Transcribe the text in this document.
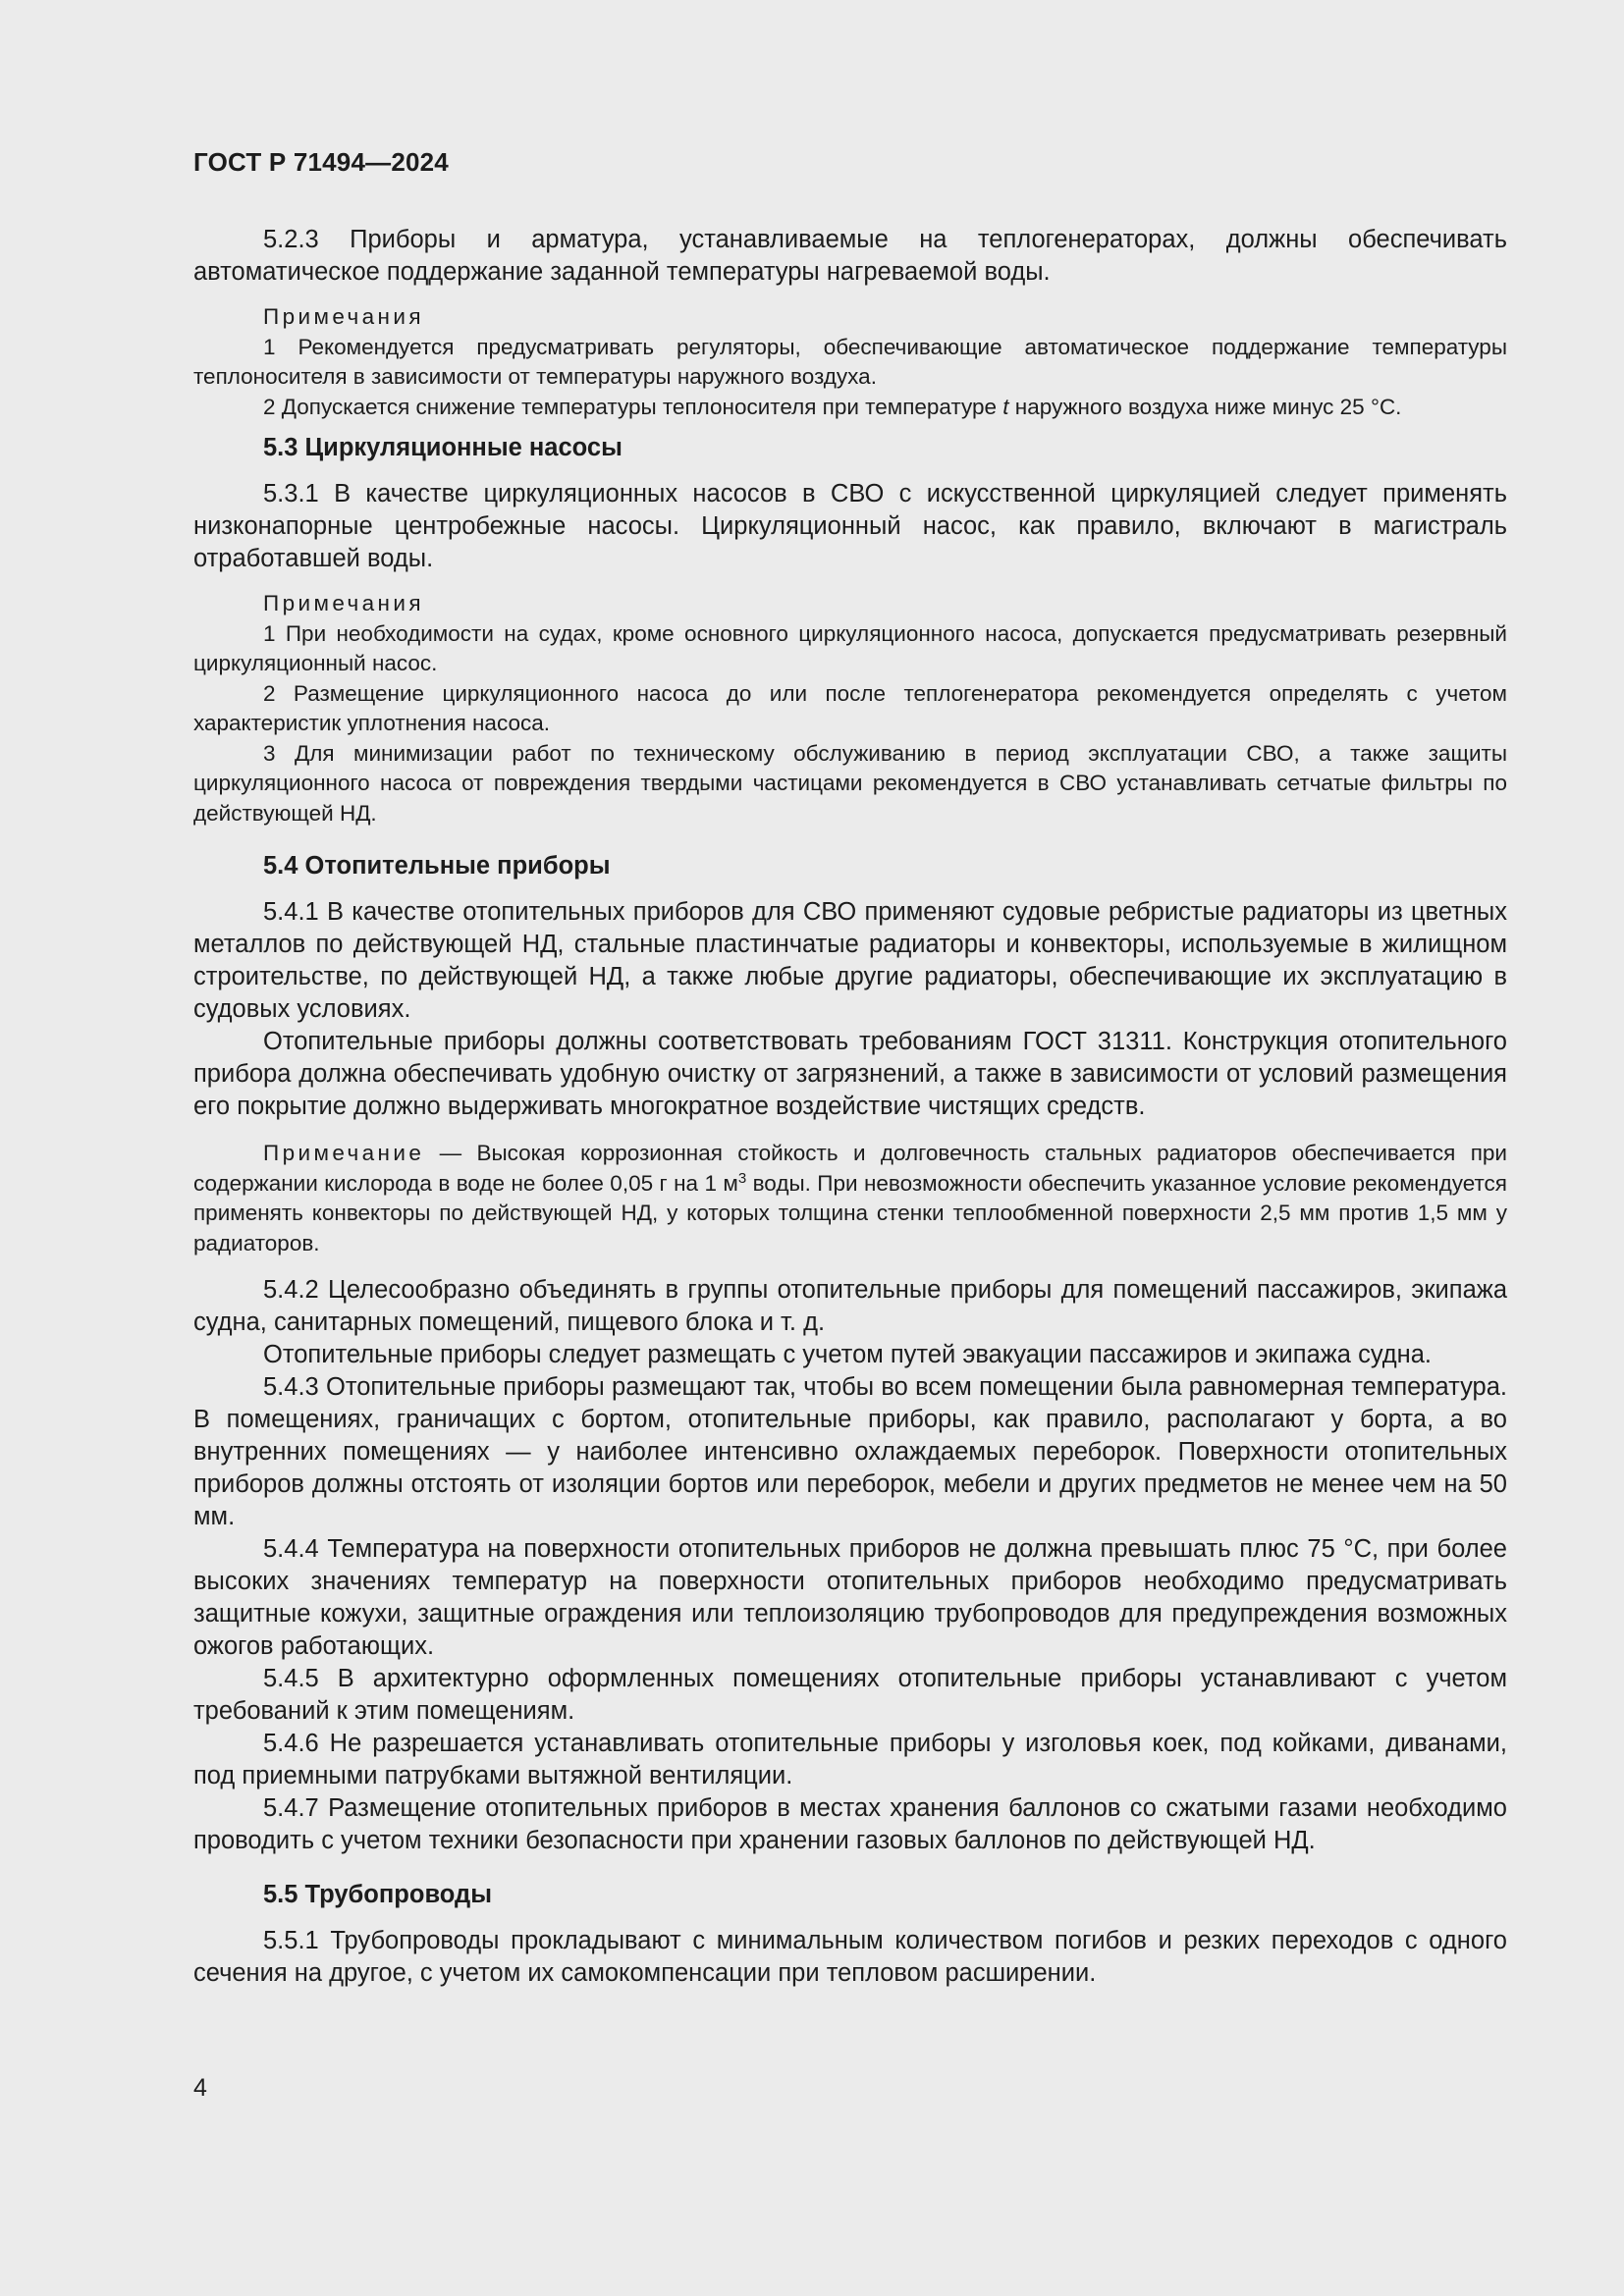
ГОСТ Р 71494—2024

5.2.3 Приборы и арматура, устанавливаемые на теплогенераторах, должны обеспечивать автоматическое поддержание заданной температуры нагреваемой воды.

Примечания

1 Рекомендуется предусматривать регуляторы, обеспечивающие автоматическое поддержание температуры теплоносителя в зависимости от температуры наружного воздуха.

2 Допускается снижение температуры теплоносителя при температуре t наружного воздуха ниже минус 25 °С.

5.3 Циркуляционные насосы

5.3.1 В качестве циркуляционных насосов в СВО с искусственной циркуляцией следует применять низконапорные центробежные насосы. Циркуляционный насос, как правило, включают в магистраль отработавшей воды.

Примечания

1 При необходимости на судах, кроме основного циркуляционного насоса, допускается предусматривать резервный циркуляционный насос.

2 Размещение циркуляционного насоса до или после теплогенератора рекомендуется определять с учетом характеристик уплотнения насоса.

3 Для минимизации работ по техническому обслуживанию в период эксплуатации СВО, а также защиты циркуляционного насоса от повреждения твердыми частицами рекомендуется в СВО устанавливать сетчатые фильтры по действующей НД.

5.4 Отопительные приборы

5.4.1 В качестве отопительных приборов для СВО применяют судовые ребристые радиаторы из цветных металлов по действующей НД, стальные пластинчатые радиаторы и конвекторы, используемые в жилищном строительстве, по действующей НД, а также любые другие радиаторы, обеспечивающие их эксплуатацию в судовых условиях.

Отопительные приборы должны соответствовать требованиям ГОСТ 31311. Конструкция отопительного прибора должна обеспечивать удобную очистку от загрязнений, а также в зависимости от условий размещения его покрытие должно выдерживать многократное воздействие чистящих средств.

Примечание — Высокая коррозионная стойкость и долговечность стальных радиаторов обеспечивается при содержании кислорода в воде не более 0,05 г на 1 $м^3$ воды. При невозможности обеспечить указанное условие рекомендуется применять конвекторы по действующей НД, у которых толщина стенки теплообменной поверхности 2,5 мм против 1,5 мм у радиаторов.

5.4.2 Целесообразно объединять в группы отопительные приборы для помещений пассажиров, экипажа судна, санитарных помещений, пищевого блока и т. д.

Отопительные приборы следует размещать с учетом путей эвакуации пассажиров и экипажа судна.

5.4.3 Отопительные приборы размещают так, чтобы во всем помещении была равномерная температура. В помещениях, граничащих с бортом, отопительные приборы, как правило, располагают у борта, а во внутренних помещениях — у наиболее интенсивно охлаждаемых переборок. Поверхности отопительных приборов должны отстоять от изоляции бортов или переборок, мебели и других предметов не менее чем на 50 мм.

5.4.4 Температура на поверхности отопительных приборов не должна превышать плюс 75 °С, при более высоких значениях температур на поверхности отопительных приборов необходимо предусматривать защитные кожухи, защитные ограждения или теплоизоляцию трубопроводов для предупреждения возможных ожогов работающих.

5.4.5 В архитектурно оформленных помещениях отопительные приборы устанавливают с учетом требований к этим помещениям.

5.4.6 Не разрешается устанавливать отопительные приборы у изголовья коек, под койками, диванами, под приемными патрубками вытяжной вентиляции.

5.4.7 Размещение отопительных приборов в местах хранения баллонов со сжатыми газами необходимо проводить с учетом техники безопасности при хранении газовых баллонов по действующей НД.

5.5 Трубопроводы

5.5.1 Трубопроводы прокладывают с минимальным количеством погибов и резких переходов с одного сечения на другое, с учетом их самокомпенсации при тепловом расширении.

4
